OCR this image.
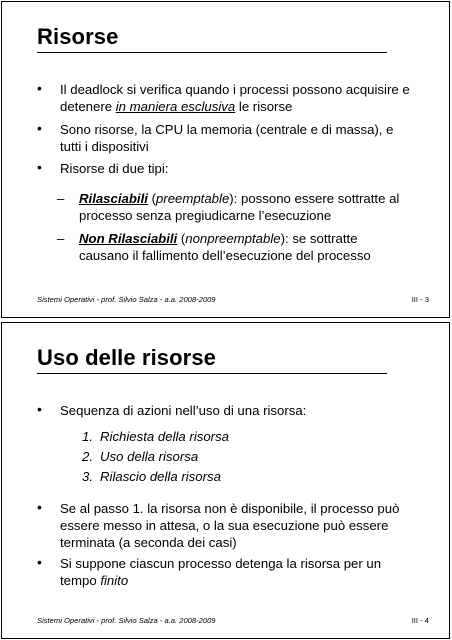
Risorse
• Il deadlock si verifica quando i processi possono acquisire e detenere in maniera esclusiva le risorse
• Sono risorse, la CPU la memoria (centrale e di massa), e tutti i dispositivi
• Risorse di due tipi:
– Rilasciabili (preemptable): possono essere sottratte al processo senza pregiudicarne l’esecuzione
– Non Rilasciabili (nonpreemptable): se sottratte causano il fallimento dell’esecuzione del processo
Sistemi Operativi - prof. Silvio Salza - a.a. 2008-2009	III - 3
Uso delle risorse
• Sequenza di azioni nell’uso di una risorsa:
1. Richiesta della risorsa
2. Uso della risorsa
3. Rilascio della risorsa
• Se al passo 1. la risorsa non è disponibile, il processo può essere messo in attesa, o la sua esecuzione può essere terminata (a seconda dei casi)
• Si suppone ciascun processo detenga la risorsa per un tempo finito
Sistemi Operativi - prof. Silvio Salza - a.a. 2008-2009	III - 4
